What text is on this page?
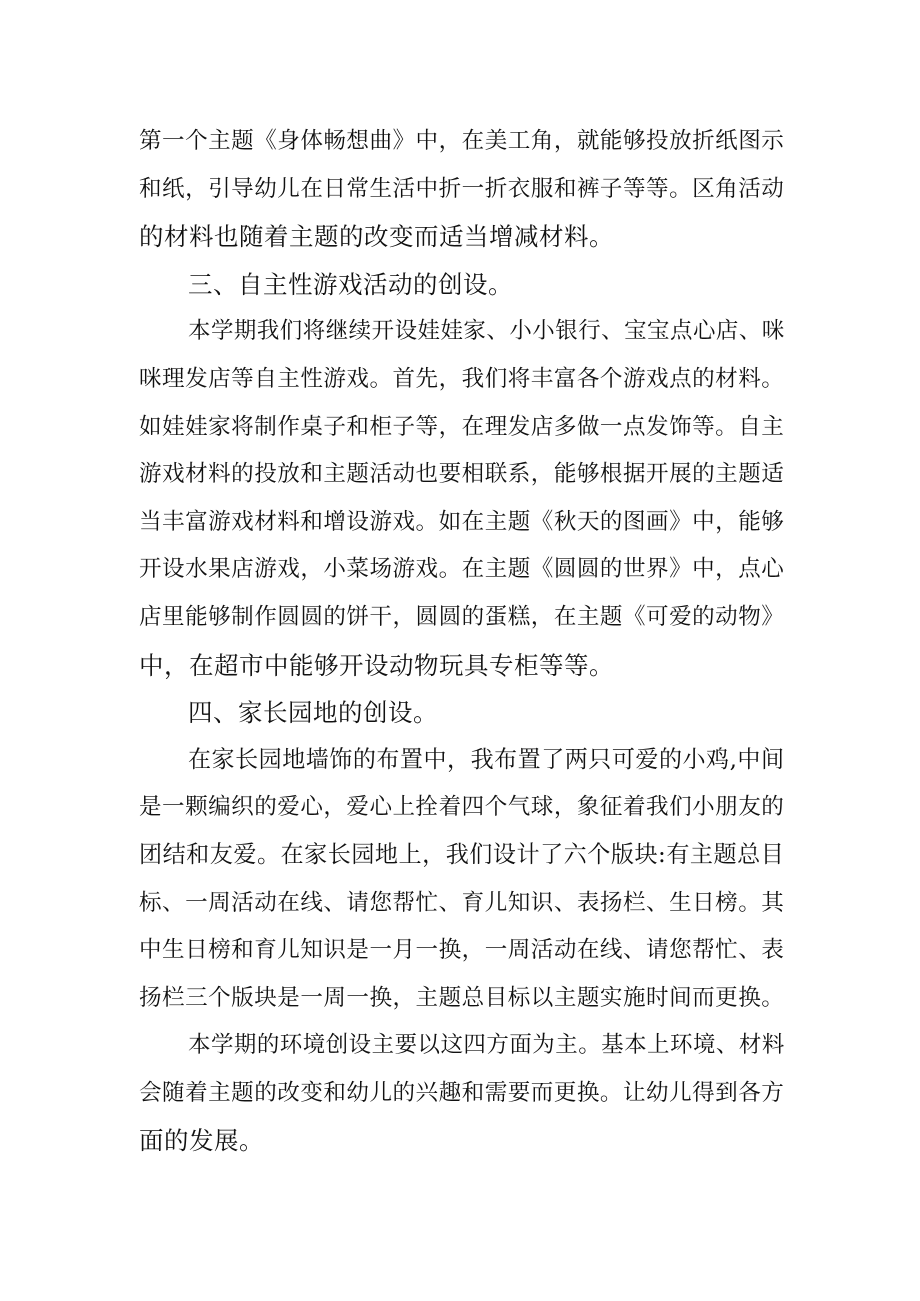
第一个主题《身体畅想曲》中，在美工角，就能够投放折纸图示
和纸，引导幼儿在日常生活中折一折衣服和裤子等等。区角活动
的材料也随着主题的改变而适当增减材料。
三、自主性游戏活动的创设。
本学期我们将继续开设娃娃家、小小银行、宝宝点心店、咪
咪理发店等自主性游戏。首先，我们将丰富各个游戏点的材料。
如娃娃家将制作桌子和柜子等，在理发店多做一点发饰等。自主
游戏材料的投放和主题活动也要相联系，能够根据开展的主题适
当丰富游戏材料和增设游戏。如在主题《秋天的图画》中，能够
开设水果店游戏，小菜场游戏。在主题《圆圆的世界》中，点心
店里能够制作圆圆的饼干，圆圆的蛋糕，在主题《可爱的动物》
中，在超市中能够开设动物玩具专柜等等。
四、家长园地的创设。
在家长园地墙饰的布置中，我布置了两只可爱的小鸡,中间
是一颗编织的爱心，爱心上拴着四个气球，象征着我们小朋友的
团结和友爱。在家长园地上，我们设计了六个版块:有主题总目
标、一周活动在线、请您帮忙、育儿知识、表扬栏、生日榜。其
中生日榜和育儿知识是一月一换，一周活动在线、请您帮忙、表
扬栏三个版块是一周一换，主题总目标以主题实施时间而更换。
本学期的环境创设主要以这四方面为主。基本上环境、材料
会随着主题的改变和幼儿的兴趣和需要而更换。让幼儿得到各方
面的发展。
